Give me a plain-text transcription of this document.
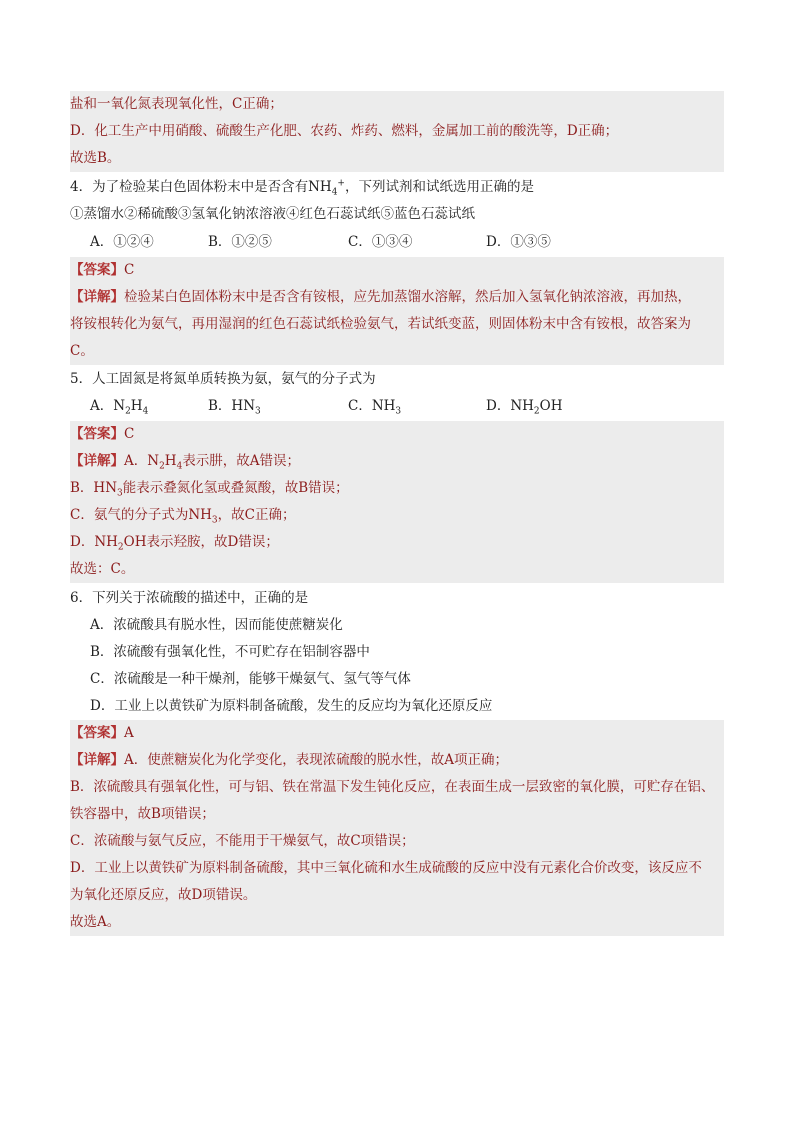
盐和一氧化氮表现氧化性，C正确；
D．化工生产中用硝酸、硫酸生产化肥、农药、炸药、燃料，金属加工前的酸洗等，D正确；
故选B。
4．为了检验某白色固体粉末中是否含有$NH_4^+$，下列试剂和试纸选用正确的是
①蒸馏水②稀硫酸③氢氧化钠浓溶液④红色石蕊试纸⑤蓝色石蕊试纸
A．①②④	B．①②⑤	C．①③④	D．①③⑤
【答案】C
【详解】检验某白色固体粉末中是否含有铵根，应先加蒸馏水溶解，然后加入氢氧化钠浓溶液，再加热，
将铵根转化为氨气，再用湿润的红色石蕊试纸检验氨气，若试纸变蓝，则固体粉末中含有铵根，故答案为
C。
5．人工固氮是将氮单质转换为氨，氨气的分子式为
A．$N_2H_4$	B．$HN_3$	C．$NH_3$	D．$NH_2OH$
【答案】C
【详解】A．$N_2H_4$表示肼，故A错误；
B．$HN_3$能表示叠氮化氢或叠氮酸，故B错误；
C．氨气的分子式为$NH_3$，故C正确；
D．$NH_2OH$表示羟胺，故D错误；
故选：C。
6．下列关于浓硫酸的描述中，正确的是
A．浓硫酸具有脱水性，因而能使蔗糖炭化
B．浓硫酸有强氧化性，不可贮存在铝制容器中
C．浓硫酸是一种干燥剂，能够干燥氨气、氢气等气体
D．工业上以黄铁矿为原料制备硫酸，发生的反应均为氧化还原反应
【答案】A
【详解】A．使蔗糖炭化为化学变化，表现浓硫酸的脱水性，故A项正确；
B．浓硫酸具有强氧化性，可与铝、铁在常温下发生钝化反应，在表面生成一层致密的氧化膜，可贮存在铝、
铁容器中，故B项错误；
C．浓硫酸与氨气反应，不能用于干燥氨气，故C项错误；
D．工业上以黄铁矿为原料制备硫酸，其中三氧化硫和水生成硫酸的反应中没有元素化合价改变，该反应不
为氧化还原反应，故D项错误。
故选A。
